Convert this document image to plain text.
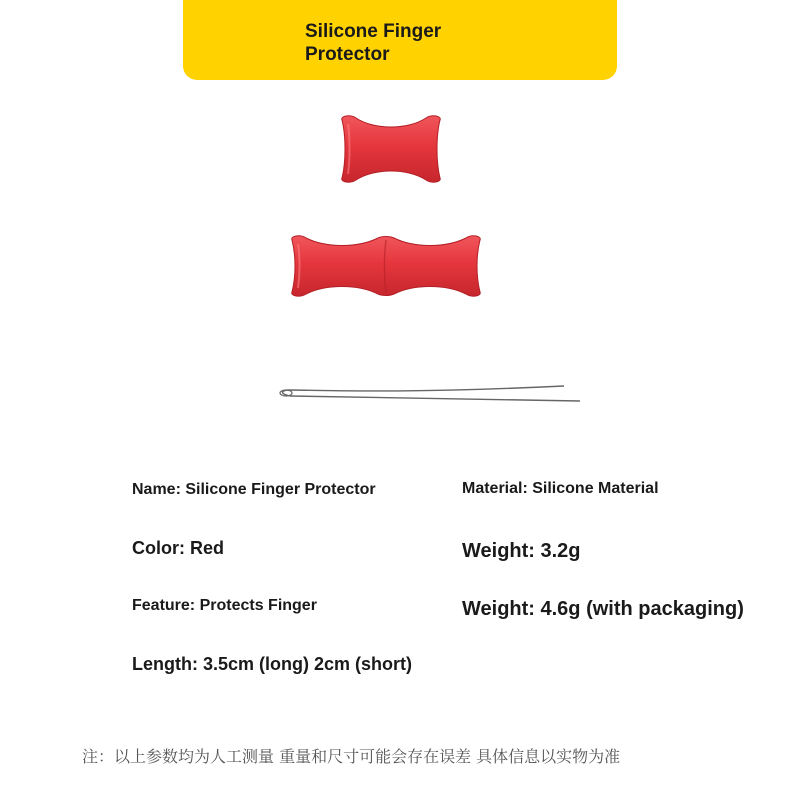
Silicone Finger
Protector

Name: Silicone Finger Protector	Material: Silicone Material

Color: Red	Weight: 3.2g

Feature: Protects Finger	Weight: 4.6g (with packaging)

Length: 3.5cm (long) 2cm (short)

注：以上参数均为人工测量 重量和尺寸可能会存在误差 具体信息以实物为准
